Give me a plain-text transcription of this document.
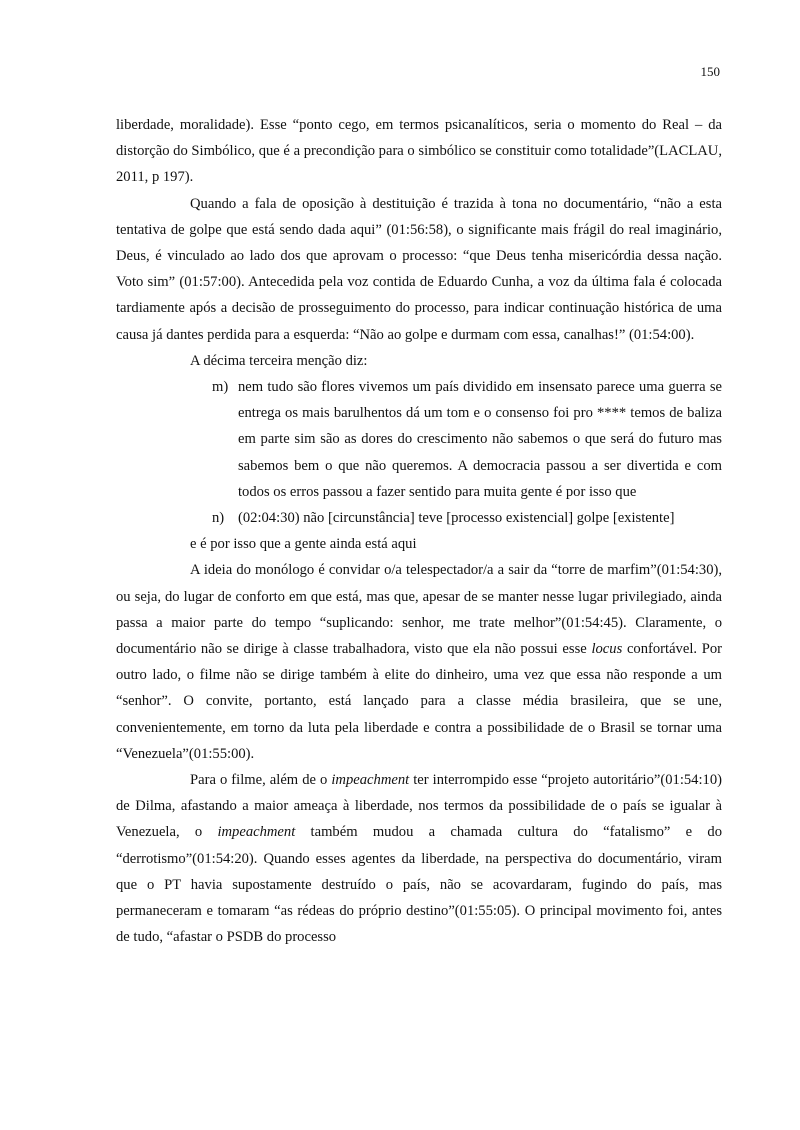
150

liberdade, moralidade). Esse “ponto cego, em termos psicanalíticos, seria o momento do Real – da distorção do Simbólico, que é a precondição para o simbólico se constituir como totalidade”(LACLAU, 2011, p 197).

Quando a fala de oposição à destituição é trazida à tona no documentário, “não a esta tentativa de golpe que está sendo dada aqui” (01:56:58), o significante mais frágil do real imaginário, Deus, é vinculado ao lado dos que aprovam o processo: “que Deus tenha misericórdia dessa nação. Voto sim” (01:57:00). Antecedida pela voz contida de Eduardo Cunha, a voz da última fala é colocada tardiamente após a decisão de prosseguimento do processo, para indicar continuação histórica de uma causa já dantes perdida para a esquerda: “Não ao golpe e durmam com essa, canalhas!” (01:54:00).

A décima terceira menção diz:

m) nem tudo são flores vivemos um país dividido em insensato parece uma guerra se entrega os mais barulhentos dá um tom e o consenso foi pro **** temos de baliza em parte sim são as dores do crescimento não sabemos o que será do futuro mas sabemos bem o que não queremos. A democracia passou a ser divertida e com todos os erros passou a fazer sentido para muita gente é por isso que
n) (02:04:30) não [circunstância] teve [processo existencial] golpe [existente]

e é por isso que a gente ainda está aqui

A ideia do monólogo é convidar o/a telespectador/a a sair da “torre de marfim”(01:54:30), ou seja, do lugar de conforto em que está, mas que, apesar de se manter nesse lugar privilegiado, ainda passa a maior parte do tempo “suplicando: senhor, me trate melhor”(01:54:45). Claramente, o documentário não se dirige à classe trabalhadora, visto que ela não possui esse locus confortável. Por outro lado, o filme não se dirige também à elite do dinheiro, uma vez que essa não responde a um “senhor”. O convite, portanto, está lançado para a classe média brasileira, que se une, convenientemente, em torno da luta pela liberdade e contra a possibilidade de o Brasil se tornar uma “Venezuela”(01:55:00).

Para o filme, além de o impeachment ter interrompido esse “projeto autoritário”(01:54:10) de Dilma, afastando a maior ameaça à liberdade, nos termos da possibilidade de o país se igualar à Venezuela, o impeachment também mudou a chamada cultura do “fatalismo” e do “derrotismo”(01:54:20). Quando esses agentes da liberdade, na perspectiva do documentário, viram que o PT havia supostamente destruído o país, não se acovardaram, fugindo do país, mas permaneceram e tomaram “as rédeas do próprio destino”(01:55:05). O principal movimento foi, antes de tudo, “afastar o PSDB do processo
